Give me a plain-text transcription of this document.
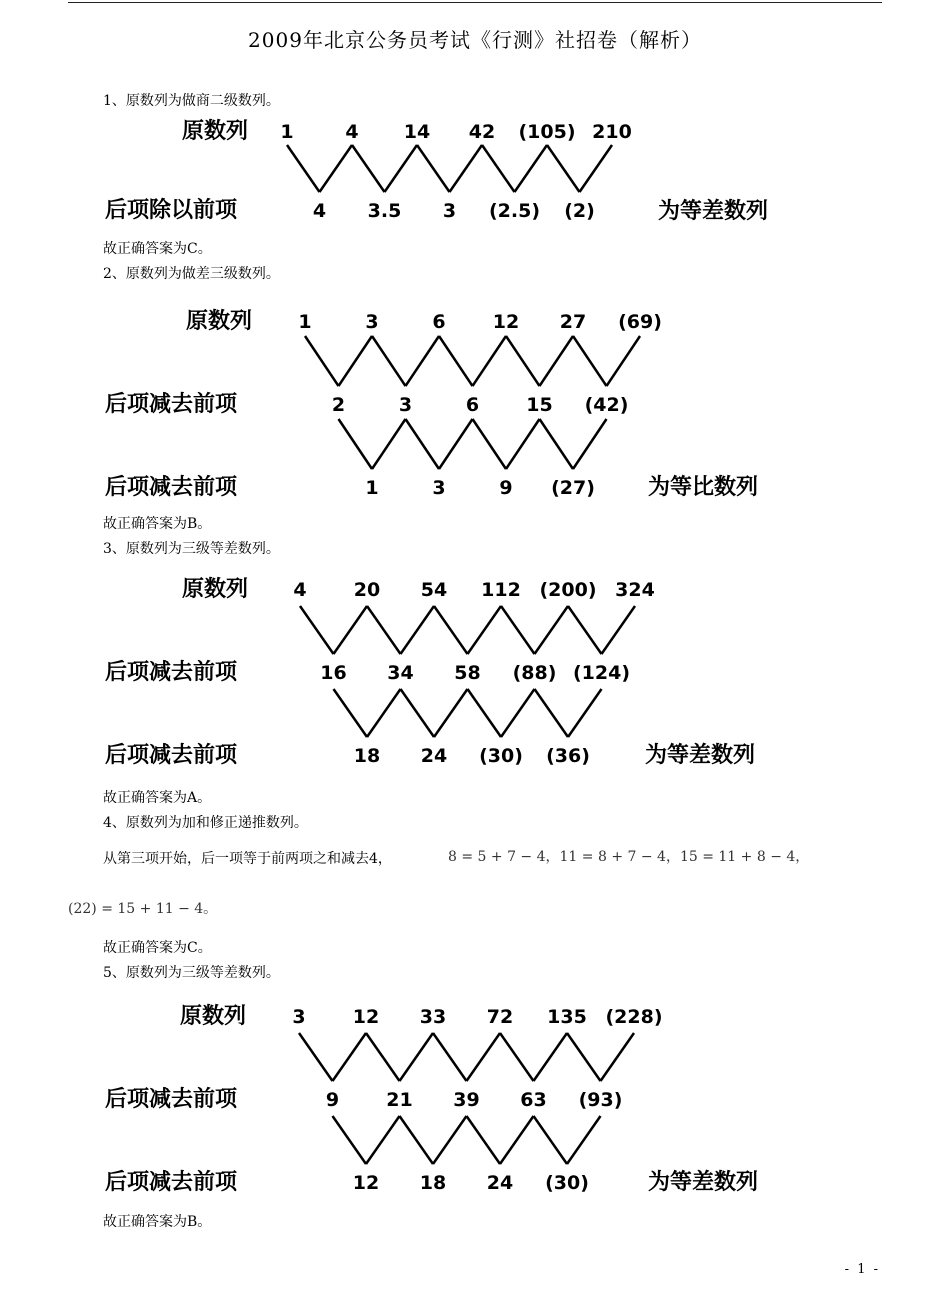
2009年北京公务员考试《行测》社招卷（解析）
1、原数列为做商二级数列。
原数列 1	4 14 42 (105) 210
后项除以前项	4 3.5 3 (2.5) (2)	为等差数列
故正确答案为C。
2、原数列为做差三级数列。
原数列 1	3	6 12 27 (69)
后项减去前项	2	3	6 15 (42)
后项减去前项	1	3	9 (27) 为等比数列
故正确答案为B。
3、原数列为三级等差数列。
原数列 4 20 54 112 (200) 324
后项减去前项	16 34 58 (88) (124)
后项减去前项	18 24 (30) (36)	为等差数列
故正确答案为A。
4、原数列为加和修正递推数列。
从第三项开始，后一项等于前两项之和减去4，	8 = 5 + 7 − 4，11 = 8 + 7 − 4，15 = 11 + 8 − 4，
(22) = 15 + 11 − 4。
故正确答案为C。
5、原数列为三级等差数列。
原数列 3 12 33 72 135 (228)
后项减去前项	9 21 39 63 (93)
后项减去前项	12 18 24 (30)	为等差数列
故正确答案为B。
- 1 -
